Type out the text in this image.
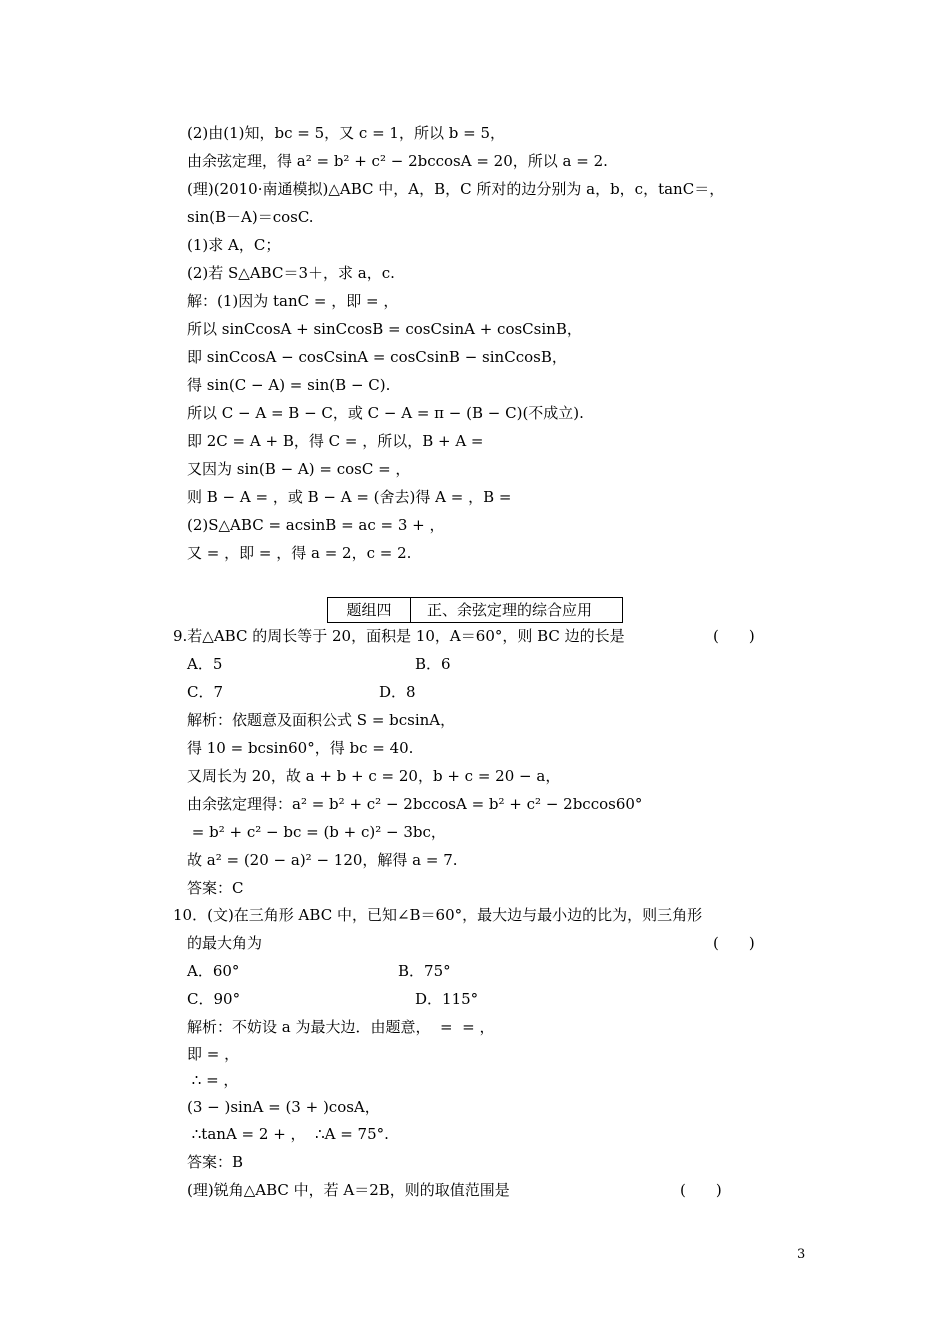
(2)由(1)知，bc = 5，又 c = 1，所以 b = 5，
由余弦定理，得 a² = b² + c² − 2bccosA = 20，所以 a = 2.
(理)(2010·南通模拟)△ABC 中，A，B，C 所对的边分别为 a，b，c，tanC＝，
sin(B－A)＝cosC.
(1)求 A，C；
(2)若 S△ABC＝3＋，求 a，c.
解：(1)因为 tanC = ，即 = ，
所以 sinCcosA + sinCcosB = cosCsinA + cosCsinB，
即 sinCcosA − cosCsinA = cosCsinB − sinCcosB，
得 sin(C − A) = sin(B − C).
所以 C − A = B − C，或 C − A = π − (B − C)(不成立).
即 2C = A + B，得 C = ，所以，B + A =
又因为 sin(B − A) = cosC = ，
则 B − A = ，或 B − A = (舍去)得 A = ，B =
(2)S△ABC = acsinB = ac = 3 + ，
又 = ，即 = ，得 a = 2，c = 2.
题组四	正、余弦定理的综合应用
9.若△ABC 的周长等于 20，面积是 10，A＝60°，则 BC 边的长是	(　　)
A．5	B．6
C．7	D．8
解析：依题意及面积公式 S = bcsinA，
得 10 = bcsin60°，得 bc = 40.
又周长为 20，故 a + b + c = 20，b + c = 20 − a，
由余弦定理得：a² = b² + c² − 2bccosA = b² + c² − 2bccos60°
= b² + c² − bc = (b + c)² − 3bc，
故 a² = (20 − a)² − 120，解得 a = 7.
答案：C
10．(文)在三角形 ABC 中，已知∠B＝60°，最大边与最小边的比为，则三角形
的最大角为	(　　)
A．60°	B．75°
C．90°	D．115°
解析：不妨设 a 为最大边．由题意，  =  = ，
即 = ，
∴ = ，
(3 − )sinA = (3 + )cosA，
∴tanA = 2 + ，  ∴A = 75°.
答案：B
(理)锐角△ABC 中，若 A＝2B，则的取值范围是	(　　)
3
